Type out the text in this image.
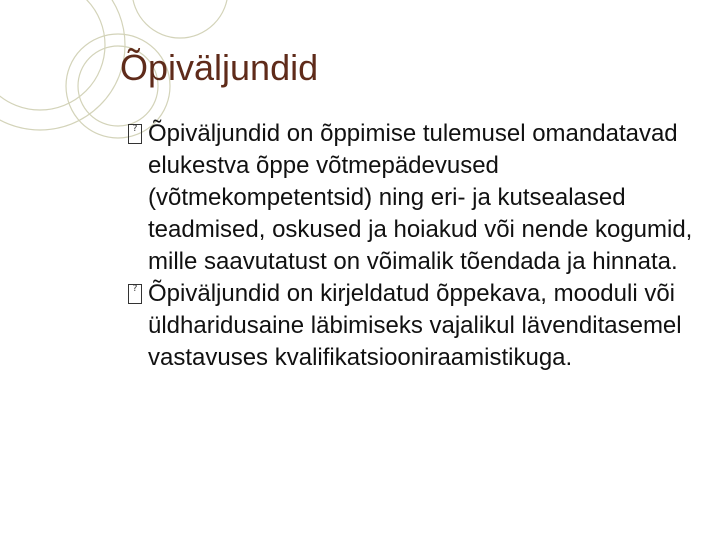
Õpiväljundid
? Õpiväljundid on õppimise tulemusel omandatavad elukestva õppe võtmepädevused (võtmekompetentsid) ning eri- ja kutsealased teadmised, oskused ja hoiakud või nende kogumid, mille saavutatust on võimalik tõendada ja hinnata.
? Õpiväljundid on kirjeldatud õppekava, mooduli või üldharidusaine läbimiseks vajalikul lävenditasemel vastavuses kvalifikatsiooniraamistikuga.
